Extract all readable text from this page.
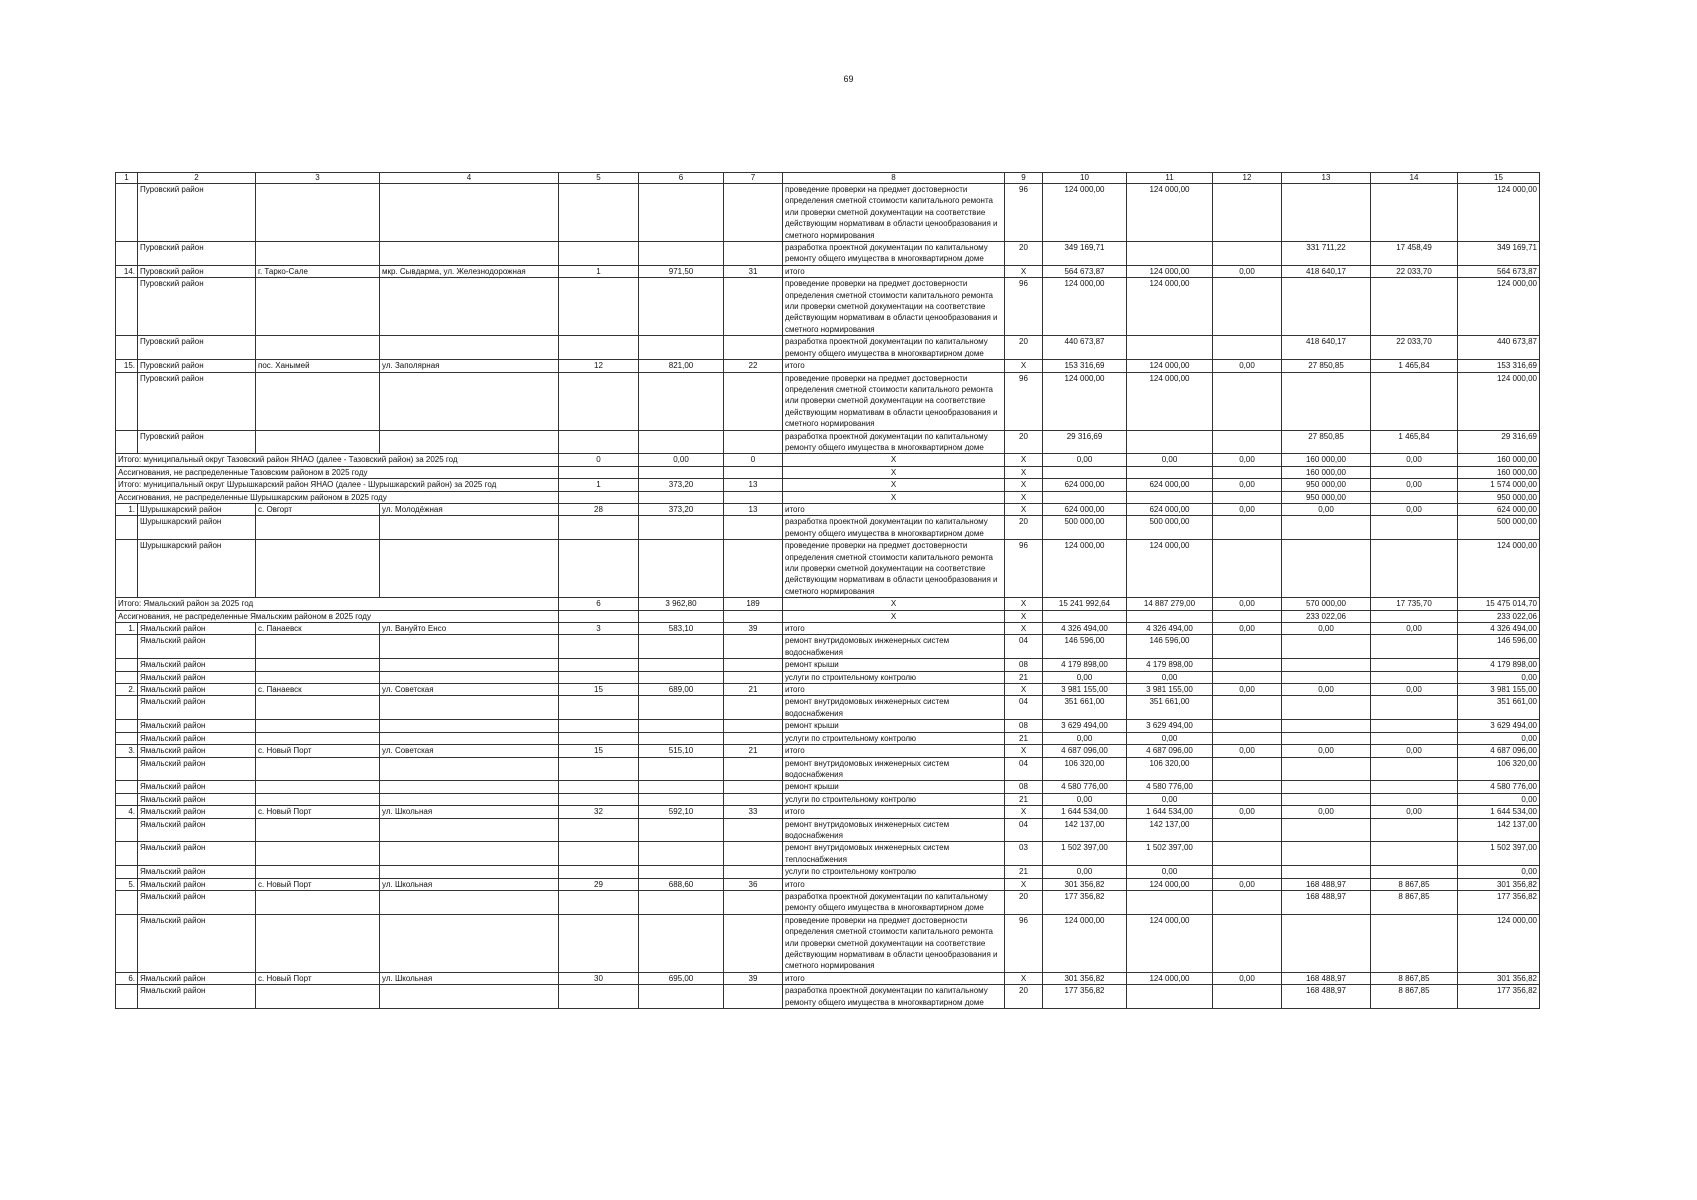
69
1	2	3	4	5	6	7	8	9	10	11	12	13	14	15
	Пуровский район						проведение проверки на предмет достоверности определения сметной стоимости капитального ремонта или проверки сметной документации на соответствие действующим нормативам в области ценообразования и сметного нормирования	96	124 000,00	124 000,00				124 000,00
	Пуровский район						разработка проектной документации по капитальному ремонту общего имущества в многоквартирном доме	20	349 169,71			331 711,22	17 458,49	349 169,71
14.	Пуровский район	г. Тарко-Сале	мкр. Сывдарма, ул. Железнодорожная	1	971,50	31	итого	X	564 673,87	124 000,00	0,00	418 640,17	22 033,70	564 673,87
	Пуровский район						проведение проверки на предмет достоверности определения сметной стоимости капитального ремонта или проверки сметной документации на соответствие действующим нормативам в области ценообразования и сметного нормирования	96	124 000,00	124 000,00				124 000,00
	Пуровский район						разработка проектной документации по капитальному ремонту общего имущества в многоквартирном доме	20	440 673,87			418 640,17	22 033,70	440 673,87
15.	Пуровский район	пос. Ханымей	ул. Заполярная	12	821,00	22	итого	X	153 316,69	124 000,00	0,00	27 850,85	1 465,84	153 316,69
	Пуровский район						проведение проверки на предмет достоверности определения сметной стоимости капитального ремонта или проверки сметной документации на соответствие действующим нормативам в области ценообразования и сметного нормирования	96	124 000,00	124 000,00				124 000,00
	Пуровский район						разработка проектной документации по капитальному ремонту общего имущества в многоквартирном доме	20	29 316,69			27 850,85	1 465,84	29 316,69
Итого: муниципальный округ Тазовский район ЯНАО (далее - Тазовский район) за 2025 год				0	0,00	0	X	X	0,00	0,00	0,00	160 000,00	0,00	160 000,00
Ассигнования, не распределенные Тазовским районом в 2025 году							X	X				160 000,00		160 000,00
Итого: муниципальный округ Шурышкарский район ЯНАО (далее - Шурышкарский район) за 2025 год				1	373,20	13	X	X	624 000,00	624 000,00	0,00	950 000,00	0,00	1 574 000,00
Ассигнования, не распределенные Шурышкарским районом в 2025 году							X	X				950 000,00		950 000,00
1.	Шурышкарский район	с. Овгорт	ул. Молодёжная	28	373,20	13	итого	X	624 000,00	624 000,00	0,00	0,00	0,00	624 000,00
	Шурышкарский район						разработка проектной документации по капитальному ремонту общего имущества в многоквартирном доме	20	500 000,00	500 000,00				500 000,00
	Шурышкарский район						проведение проверки на предмет достоверности определения сметной стоимости капитального ремонта или проверки сметной документации на соответствие действующим нормативам в области ценообразования и сметного нормирования	96	124 000,00	124 000,00				124 000,00
Итого: Ямальский район за 2025 год				6	3 962,80	189	X	X	15 241 992,64	14 887 279,00	0,00	570 000,00	17 735,70	15 475 014,70
Ассигнования, не распределенные Ямальским районом в 2025 году							X	X				233 022,06		233 022,06
1.	Ямальский район	с. Панаевск	ул. Вануйто Енсо	3	583,10	39	итого	X	4 326 494,00	4 326 494,00	0,00	0,00	0,00	4 326 494,00
	Ямальский район						ремонт внутридомовых инженерных систем водоснабжения	04	146 596,00	146 596,00				146 596,00
	Ямальский район						ремонт крыши	08	4 179 898,00	4 179 898,00				4 179 898,00
	Ямальский район						услуги по строительному контролю	21	0,00	0,00				0,00
2.	Ямальский район	с. Панаевск	ул. Советская	15	689,00	21	итого	X	3 981 155,00	3 981 155,00	0,00	0,00	0,00	3 981 155,00
	Ямальский район						ремонт внутридомовых инженерных систем водоснабжения	04	351 661,00	351 661,00				351 661,00
	Ямальский район						ремонт крыши	08	3 629 494,00	3 629 494,00				3 629 494,00
	Ямальский район						услуги по строительному контролю	21	0,00	0,00				0,00
3.	Ямальский район	с. Новый Порт	ул. Советская	15	515,10	21	итого	X	4 687 096,00	4 687 096,00	0,00	0,00	0,00	4 687 096,00
	Ямальский район						ремонт внутридомовых инженерных систем водоснабжения	04	106 320,00	106 320,00				106 320,00
	Ямальский район						ремонт крыши	08	4 580 776,00	4 580 776,00				4 580 776,00
	Ямальский район						услуги по строительному контролю	21	0,00	0,00				0,00
4.	Ямальский район	с. Новый Порт	ул. Школьная	32	592,10	33	итого	X	1 644 534,00	1 644 534,00	0,00	0,00	0,00	1 644 534,00
	Ямальский район						ремонт внутридомовых инженерных систем водоснабжения	04	142 137,00	142 137,00				142 137,00
	Ямальский район						ремонт внутридомовых инженерных систем теплоснабжения	03	1 502 397,00	1 502 397,00				1 502 397,00
	Ямальский район						услуги по строительному контролю	21	0,00	0,00				0,00
5.	Ямальский район	с. Новый Порт	ул. Школьная	29	688,60	36	итого	X	301 356,82	124 000,00	0,00	168 488,97	8 867,85	301 356,82
	Ямальский район						разработка проектной документации по капитальному ремонту общего имущества в многоквартирном доме	20	177 356,82			168 488,97	8 867,85	177 356,82
	Ямальский район						проведение проверки на предмет достоверности определения сметной стоимости капитального ремонта или проверки сметной документации на соответствие действующим нормативам в области ценообразования и сметного нормирования	96	124 000,00	124 000,00				124 000,00
6.	Ямальский район	с. Новый Порт	ул. Школьная	30	695,00	39	итого	X	301 356,82	124 000,00	0,00	168 488,97	8 867,85	301 356,82
	Ямальский район						разработка проектной документации по капитальному ремонту общего имущества в многоквартирном доме	20	177 356,82			168 488,97	8 867,85	177 356,82
